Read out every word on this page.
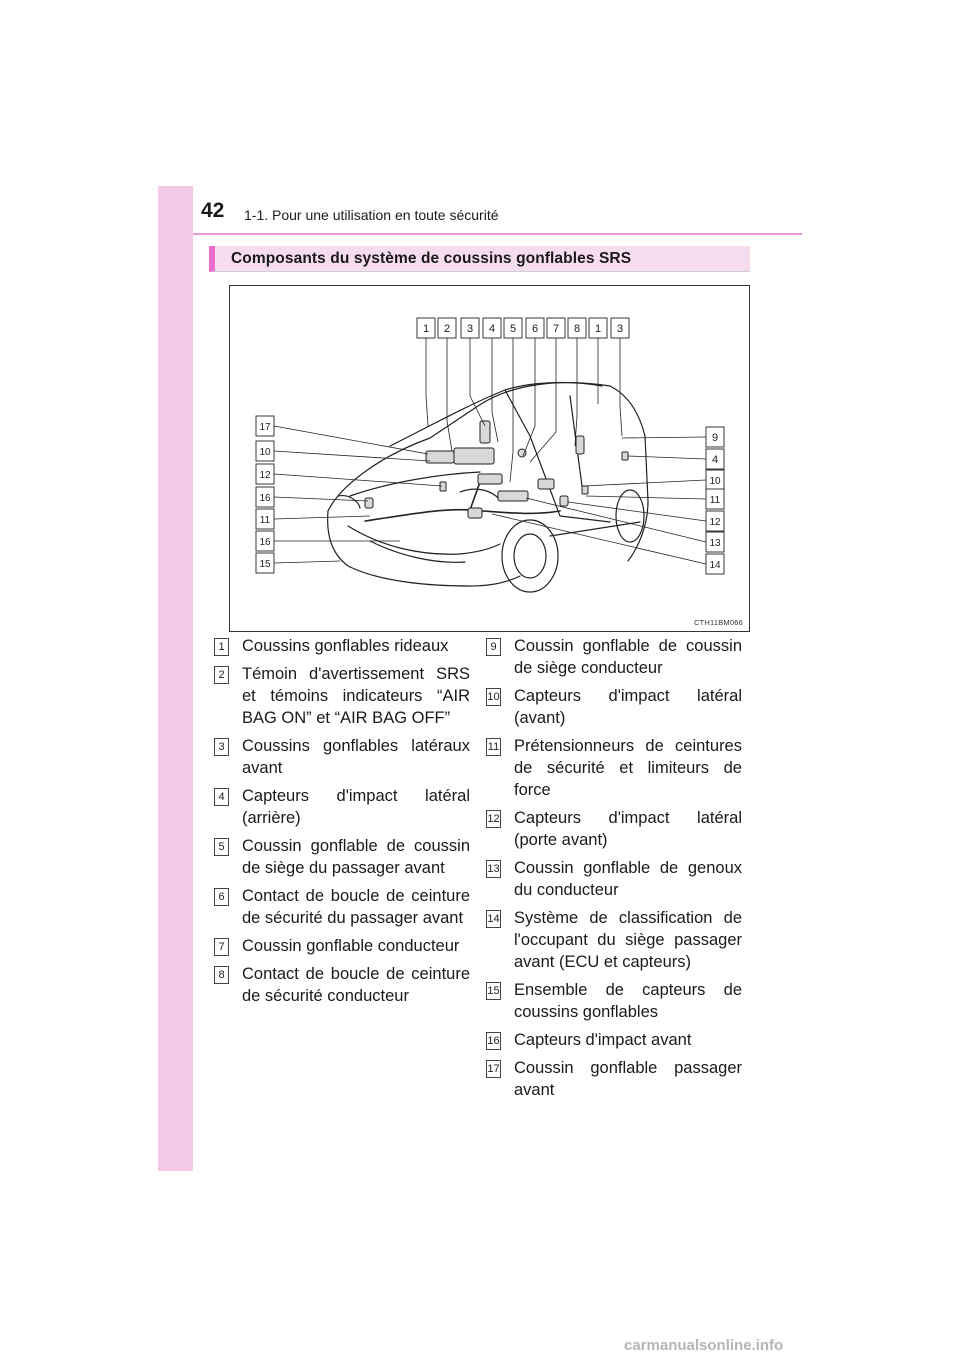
42 1-1. Pour une utilisation en toute sécurité
Composants du système de coussins gonflables SRS
1 2 3 4 5 6 7 8 1 3
17
10
12
16
11
16
15
9
4
10
11
12
13
14
CTH11BM066
1 Coussins gonflables rideaux
2 Témoin d'avertissement SRS et témoins indicateurs “AIR BAG ON” et “AIR BAG OFF”
3 Coussins gonflables latéraux avant
4 Capteurs d'impact latéral (arrière)
5 Coussin gonflable de coussin de siège du passager avant
6 Contact de boucle de ceinture de sécurité du passager avant
7 Coussin gonflable conducteur
8 Contact de boucle de ceinture de sécurité conducteur
9 Coussin gonflable de coussin de siège conducteur
10 Capteurs d'impact latéral (avant)
11 Prétensionneurs de ceintures de sécurité et limiteurs de force
12 Capteurs d'impact latéral (porte avant)
13 Coussin gonflable de genoux du conducteur
14 Système de classification de l'occupant du siège passager avant (ECU et capteurs)
15 Ensemble de capteurs de coussins gonflables
16 Capteurs d'impact avant
17 Coussin gonflable passager avant
carmanualsonline.info
